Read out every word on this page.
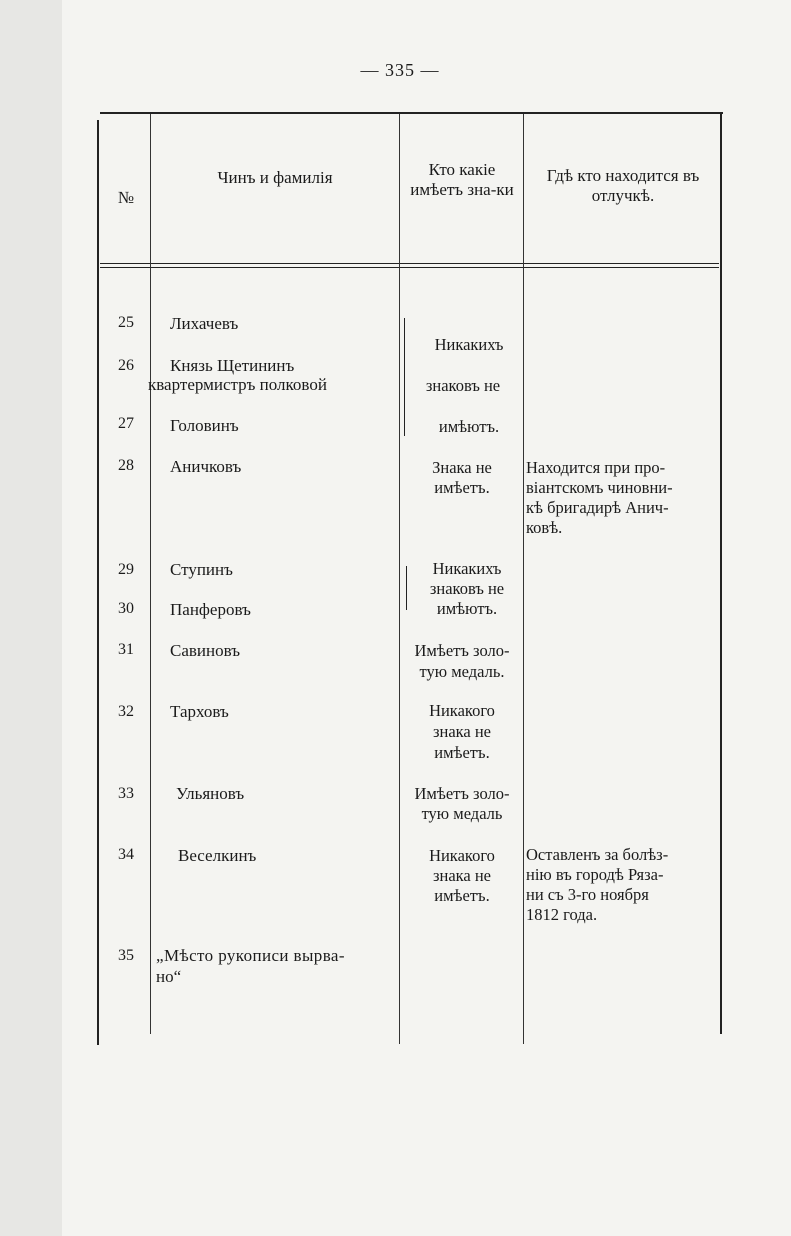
— 335 —
№
Чинъ и фамилія	Кто какіе имѣетъ зна-ки
Гдѣ кто находится въ отлучкѣ.
25
26
27
28
29
30
31
32
33
34
35
Лихачевъ
Князь Щетининъ
квартермистръ полковой
Головинъ
Аничковъ
Ступинъ
Панферовъ
Савиновъ
Тарховъ
Ульяновъ
Веселкинъ
„Мѣсто рукописи вырва-
но“
Никакихъ
знаковъ не
имѣютъ.
Знака не
имѣетъ.
Никакихъ
знаковъ не
имѣютъ.
Имѣетъ золо-
тую медаль.
Никакого
знака не
имѣетъ.
Имѣетъ золо-
тую медаль
Никакого
знака не
имѣетъ.
Находится при про-
віантскомъ чиновни-
кѣ бригадирѣ Анич-
ковѣ.
Оставленъ за болѣз-
нію въ городѣ Ряза-
ни съ 3-го ноября
1812 года.
